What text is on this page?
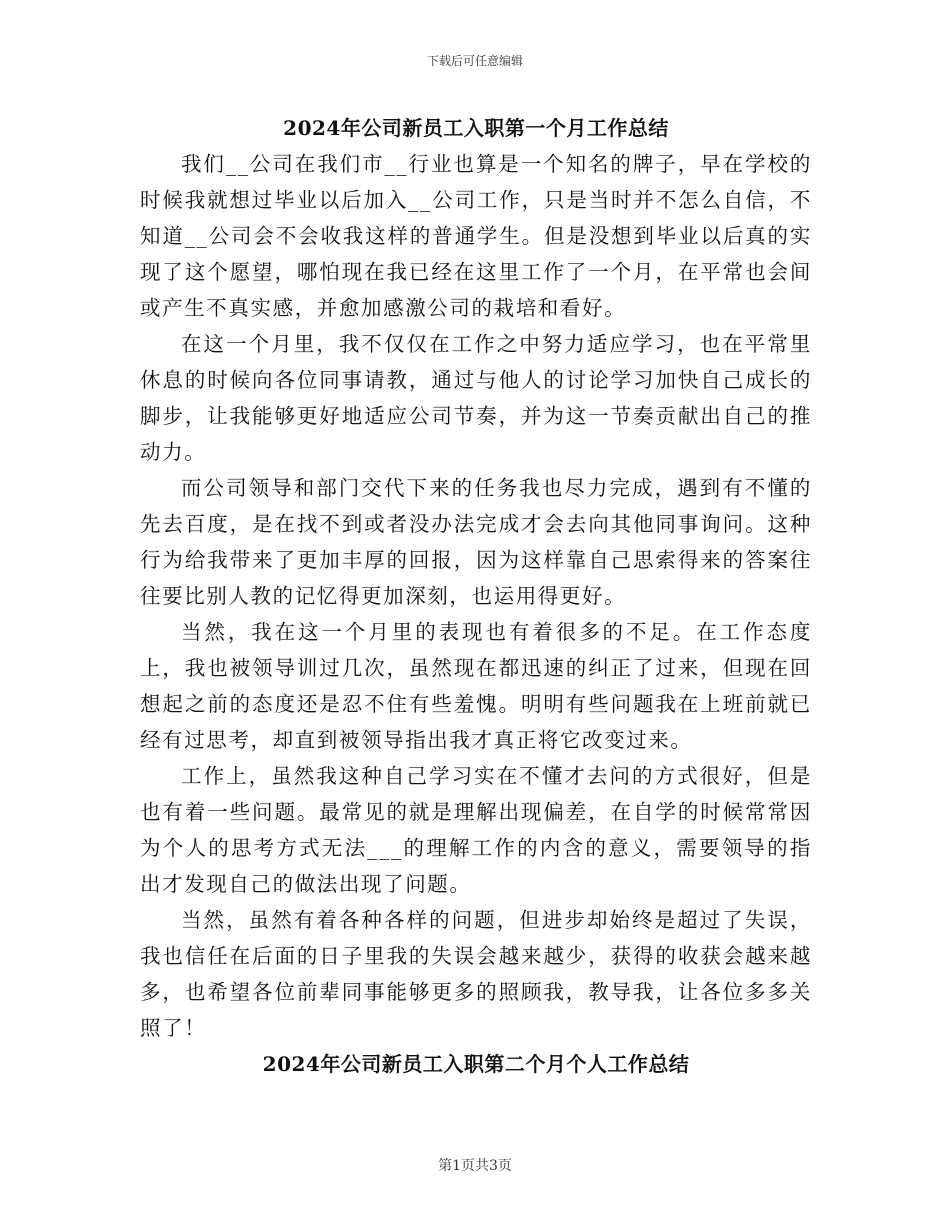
下载后可任意编辑
2024年公司新员工入职第一个月工作总结

我们__公司在我们市__行业也算是一个知名的牌子，早在学校的时候我就想过毕业以后加入__公司工作，只是当时并不怎么自信，不知道__公司会不会收我这样的普通学生。但是没想到毕业以后真的实现了这个愿望，哪怕现在我已经在这里工作了一个月，在平常也会间或产生不真实感，并愈加感激公司的栽培和看好。

在这一个月里，我不仅仅在工作之中努力适应学习，也在平常里休息的时候向各位同事请教，通过与他人的讨论学习加快自己成长的脚步，让我能够更好地适应公司节奏，并为这一节奏贡献出自己的推动力。

而公司领导和部门交代下来的任务我也尽力完成，遇到有不懂的先去百度，是在找不到或者没办法完成才会去向其他同事询问。这种行为给我带来了更加丰厚的回报，因为这样靠自己思索得来的答案往往要比别人教的记忆得更加深刻，也运用得更好。

当然，我在这一个月里的表现也有着很多的不足。在工作态度上，我也被领导训过几次，虽然现在都迅速的纠正了过来，但现在回想起之前的态度还是忍不住有些羞愧。明明有些问题我在上班前就已经有过思考，却直到被领导指出我才真正将它改变过来。

工作上，虽然我这种自己学习实在不懂才去问的方式很好，但是也有着一些问题。最常见的就是理解出现偏差，在自学的时候常常因为个人的思考方式无法___的理解工作的内含的意义，需要领导的指出才发现自己的做法出现了问题。

当然，虽然有着各种各样的问题，但进步却始终是超过了失误，我也信任在后面的日子里我的失误会越来越少，获得的收获会越来越多，也希望各位前辈同事能够更多的照顾我，教导我，让各位多多关照了！

2024年公司新员工入职第二个月个人工作总结
第1页共3页
